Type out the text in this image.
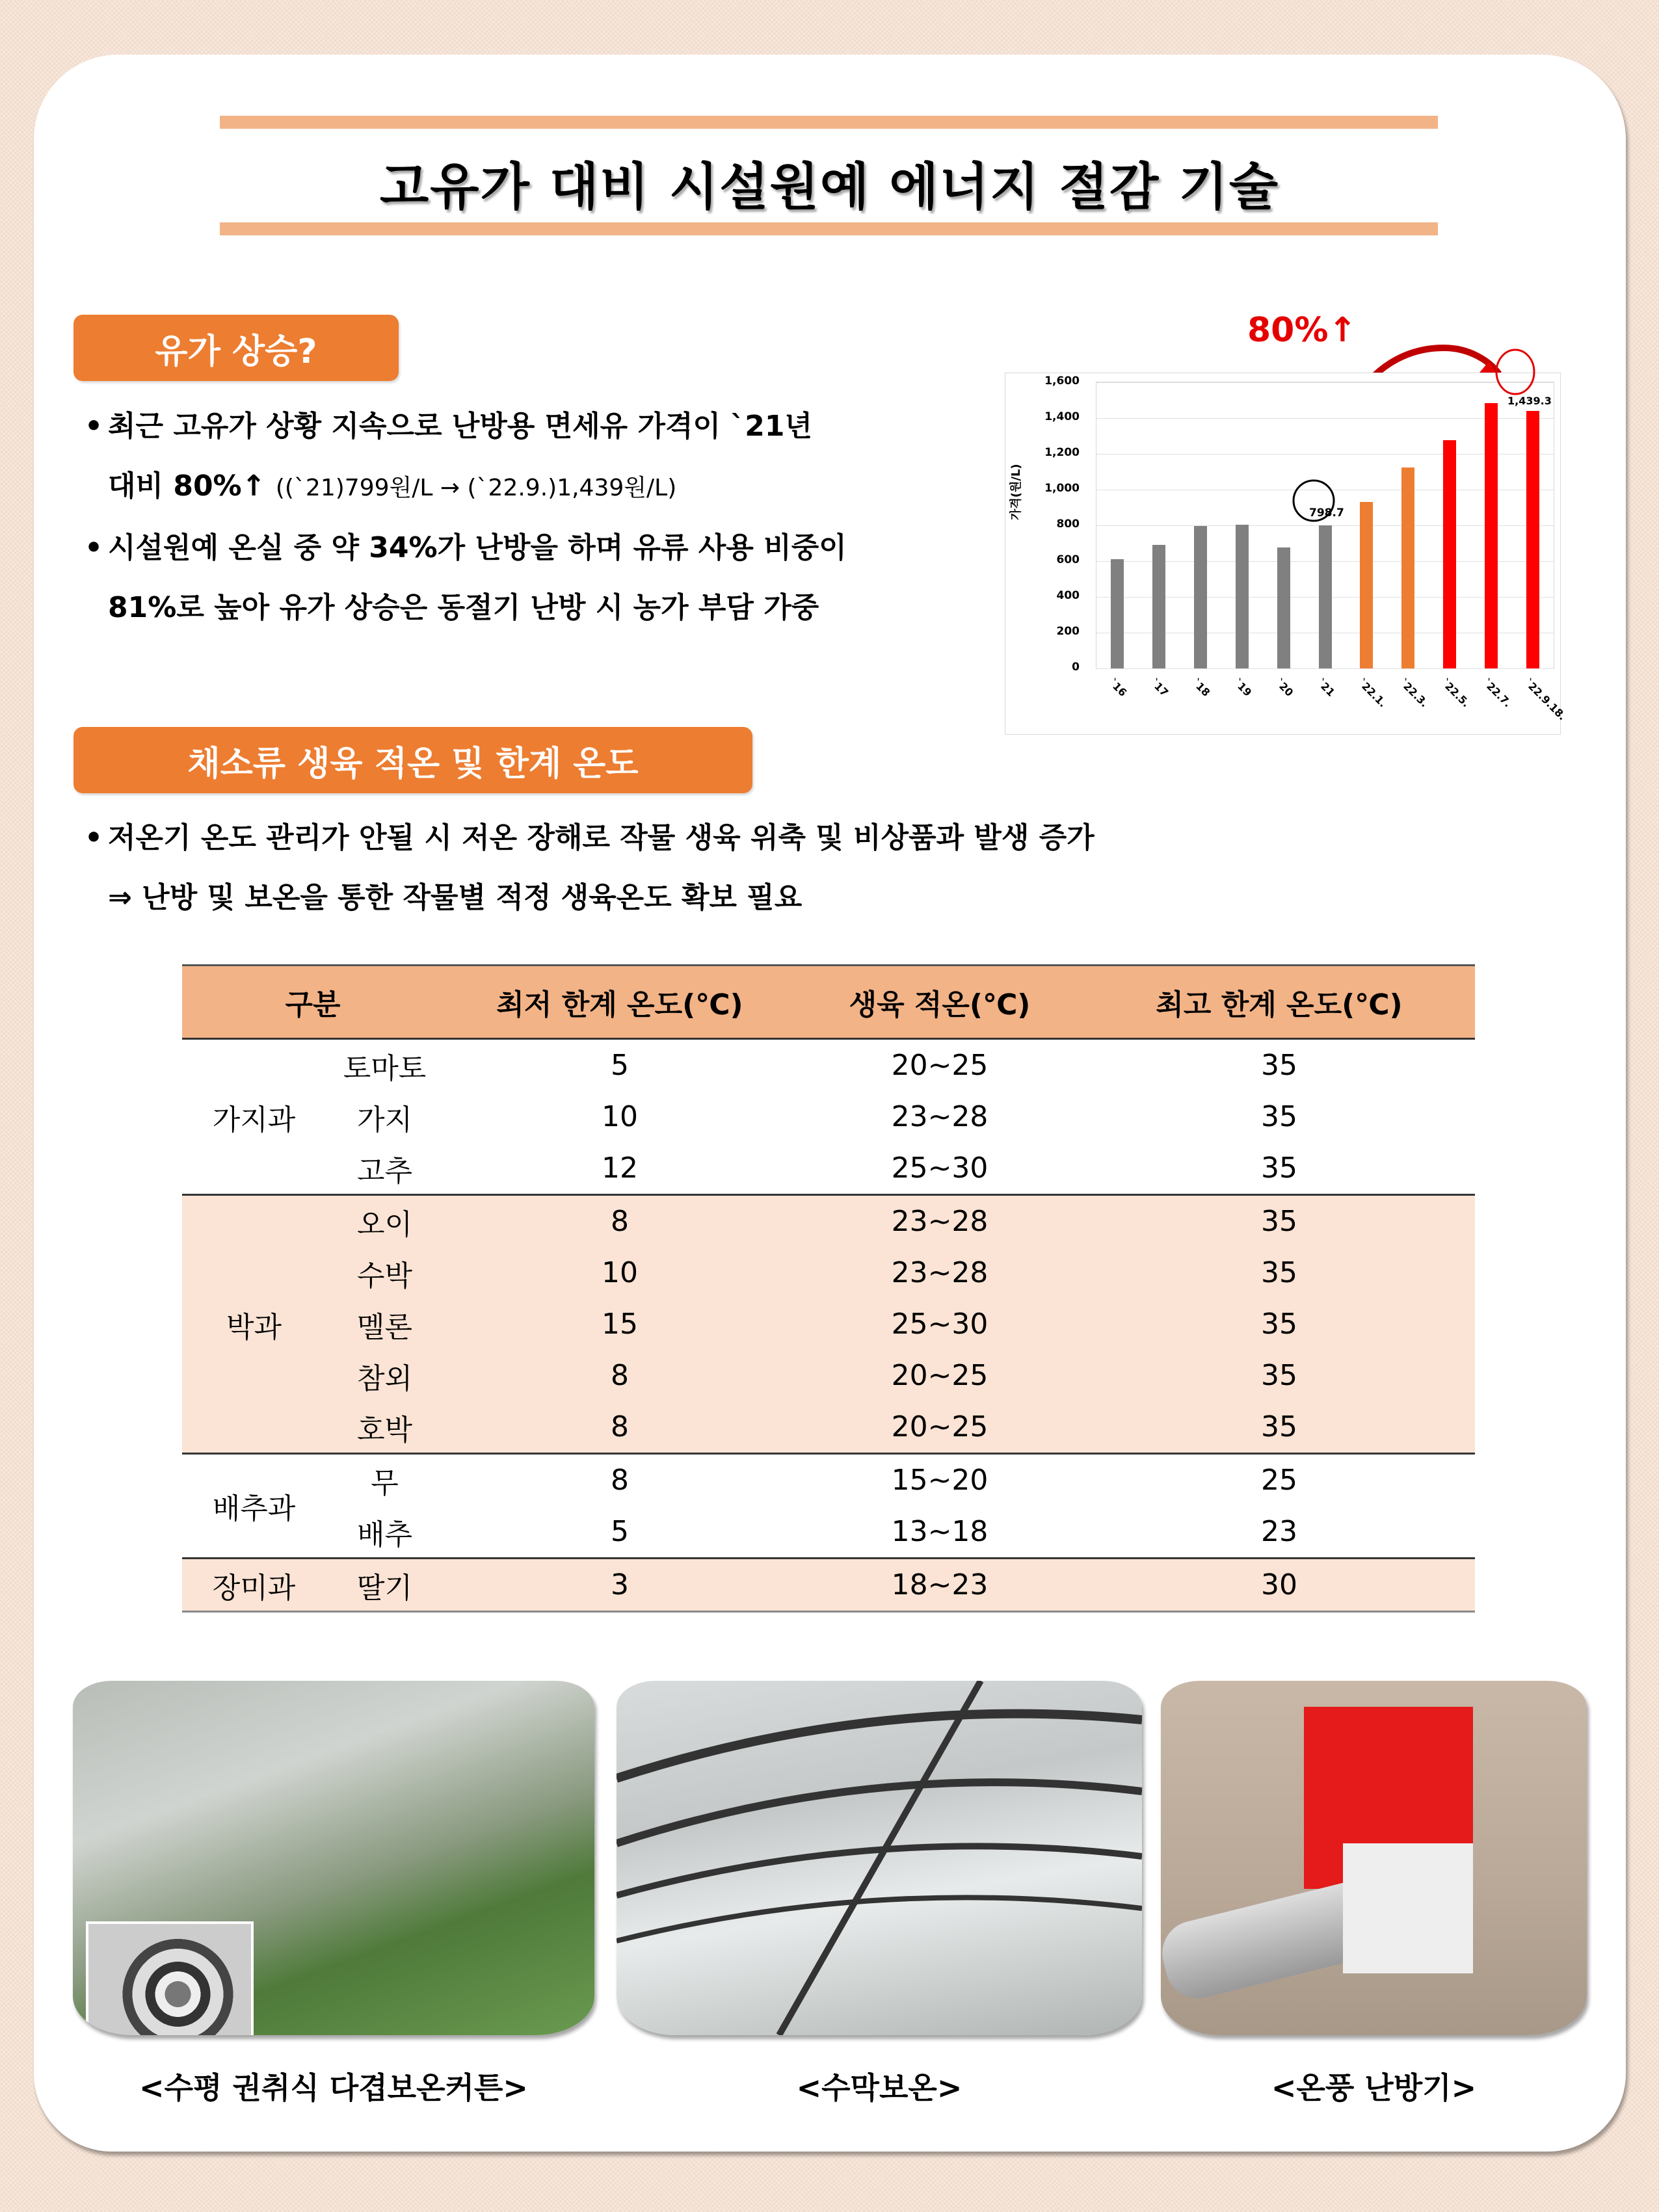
고유가 대비 시설원예 에너지 절감 기술
유가 상승?
• 최근 고유가 상황 지속으로 난방용 면세유 가격이 `21년
대비 80%↑ ((`21)799원/L → (`22.9.)1,439원/L)
• 시설원예 온실 중 약 34%가 난방을 하며 유류 사용 비중이
81%로 높아 유가 상승은 동절기 난방 시 농가 부담 가중
80%↑
가격(원/L)
0
200
400
600
800
1,000
1,200
1,400
1,600
`16 `17 `18 `19 `20 `21 `22.1. `22.3. `22.5. `22.7. `22.9.18.
798.7
1,439.3
채소류 생육 적온 및 한계 온도
• 저온기 온도 관리가 안될 시 저온 장해로 작물 생육 위축 및 비상품과 발생 증가
⇒ 난방 및 보온을 통한 작물별 적정 생육온도 확보 필요
구분		최저 한계 온도(℃)	생육 적온(℃)	최고 한계 온도(℃)
가지과	토마토	5	20~25	35
	가지	10	23~28	35
	고추	12	25~30	35
박과	오이	8	23~28	35
	수박	10	23~28	35
	멜론	15	25~30	35
	참외	8	20~25	35
	호박	8	20~25	35
배추과	무	8	15~20	25
	배추	5	13~18	23
장미과	딸기	3	18~23	30
<수평 권취식 다겹보온커튼>	<수막보온>	<온풍 난방기>
